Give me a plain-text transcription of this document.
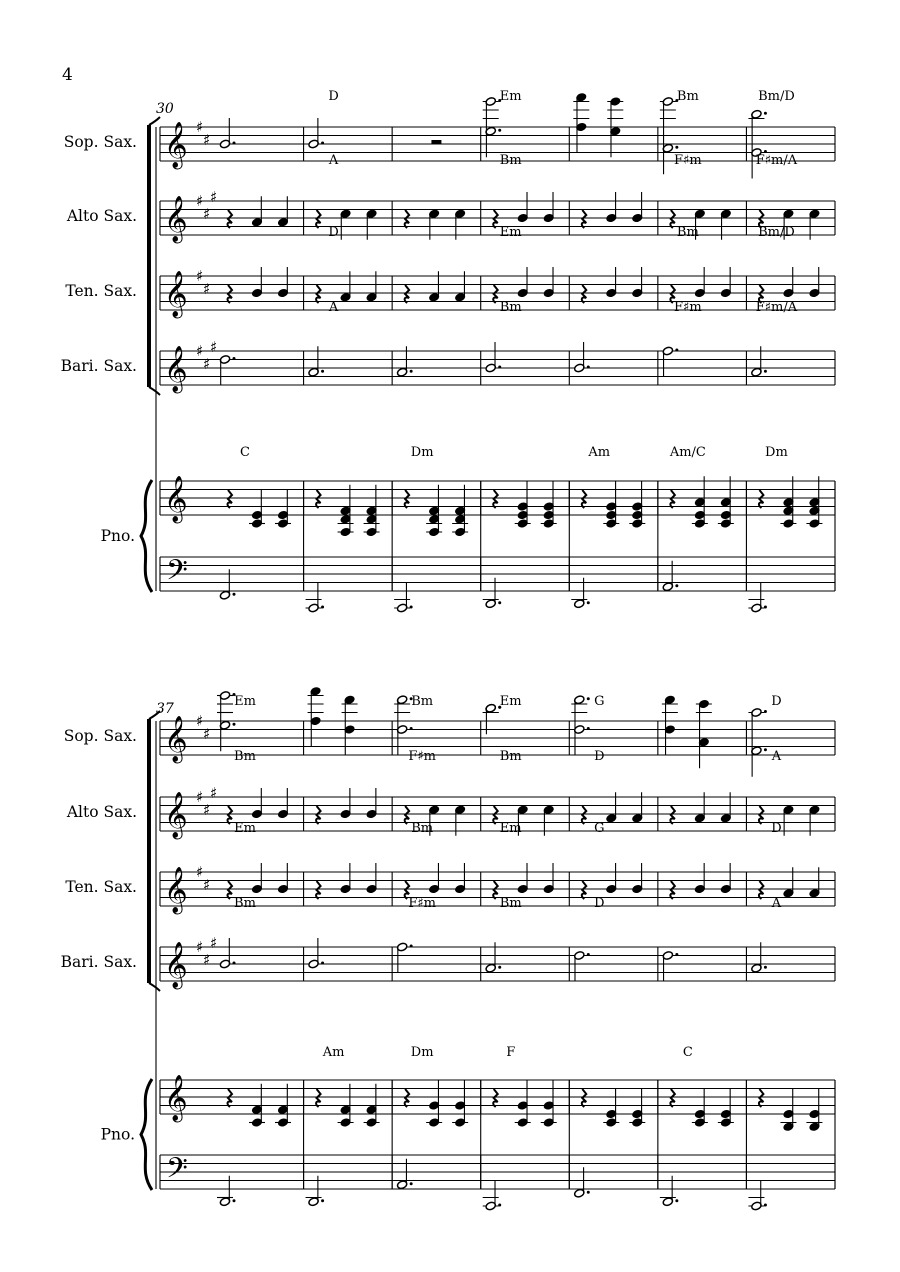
4
30
Sop. Sax. 𝄞 ♯
♯
D	Em	Bm	Bm/D
Alto Sax. 𝄞 ♯
♯
♯
A	Bm	F♯m	F♯m/A
Ten. Sax. 𝄞 ♯
♯
D	Em	Bm	Bm/D
Bari. Sax. 𝄞 ♯
♯
♯
A	Bm	F♯m	F♯m/A
Pno.
𝄞
C	Dm	Am	Am/C	Dm
𝄢
37
Sop. Sax. 𝄞 ♯
♯
Em	Bm	Em	G	D
Alto Sax. 𝄞 ♯
♯
♯
Bm	F♯m	Bm	D	A
Ten. Sax. 𝄞 ♯
♯
Em	Bm	Em	G	D
Bari. Sax. 𝄞 ♯
♯
♯
Bm	F♯m	Bm	D	A
Pno.
𝄞
Am	Dm	F	C
𝄢
